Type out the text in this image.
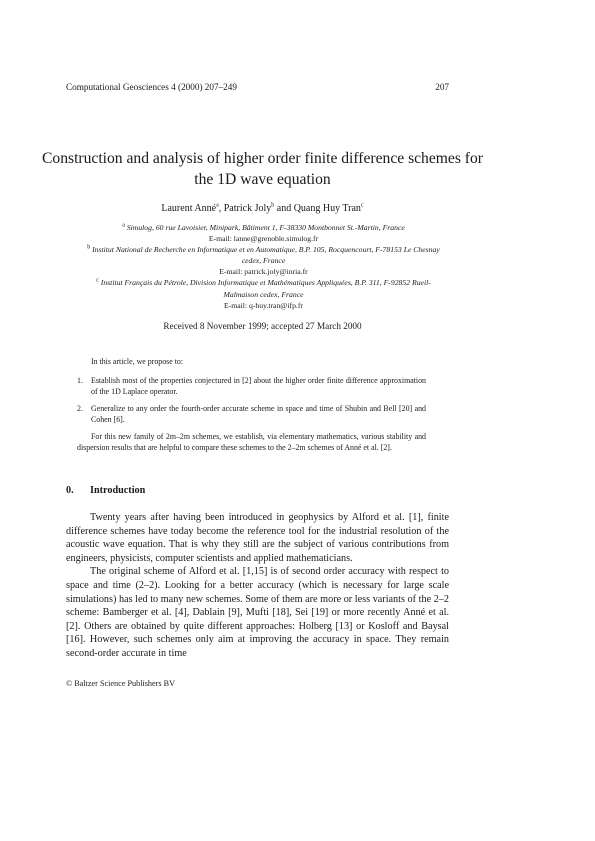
Computational Geosciences 4 (2000) 207–249	207
Construction and analysis of higher order finite difference schemes for the 1D wave equation
Laurent Anné$^a$, Patrick Joly$^b$ and Quang Huy Tran$^c$
$^a$ Simulog, 60 rue Lavoisier, Minipark, Bâtiment 1, F-38330 Montbonnet St.-Martin, France
E-mail: lanne@grenoble.simulog.fr
$^b$ Institut National de Recherche en Informatique et en Automatique, B.P. 105, Rocquencourt, F-78153 Le Chesnay cedex, France
E-mail: patrick.joly@inria.fr
$^c$ Institut Français du Pétrole, Division Informatique et Mathématiques Appliquées, B.P. 311, F-92852 Rueil-Malmaison cedex, France
E-mail: q-huy.tran@ifp.fr
Received 8 November 1999; accepted 27 March 2000

In this article, we propose to:

1. Establish most of the properties conjectured in [2] about the higher order finite difference approximation of the 1D Laplace operator.
2. Generalize to any order the fourth-order accurate scheme in space and time of Shubin and Bell [20] and Cohen [6].

For this new family of 2m–2m schemes, we establish, via elementary mathematics, various stability and dispersion results that are helpful to compare these schemes to the 2–2m schemes of Anné et al. [2].

0. Introduction

Twenty years after having been introduced in geophysics by Alford et al. [1], finite difference schemes have today become the reference tool for the industrial resolution of the acoustic wave equation. That is why they still are the subject of various contributions from engineers, physicists, computer scientists and applied mathematicians.

The original scheme of Alford et al. [1,15] is of second order accuracy with respect to space and time (2–2). Looking for a better accuracy (which is necessary for large scale simulations) has led to many new schemes. Some of them are more or less variants of the 2–2 scheme: Bamberger et al. [4], Dablain [9], Mufti [18], Sei [19] or more recently Anné et al. [2]. Others are obtained by quite different approaches: Holberg [13] or Kosloff and Baysal [16]. However, such schemes only aim at improving the accuracy in space. They remain second-order accurate in time

© Baltzer Science Publishers BV
